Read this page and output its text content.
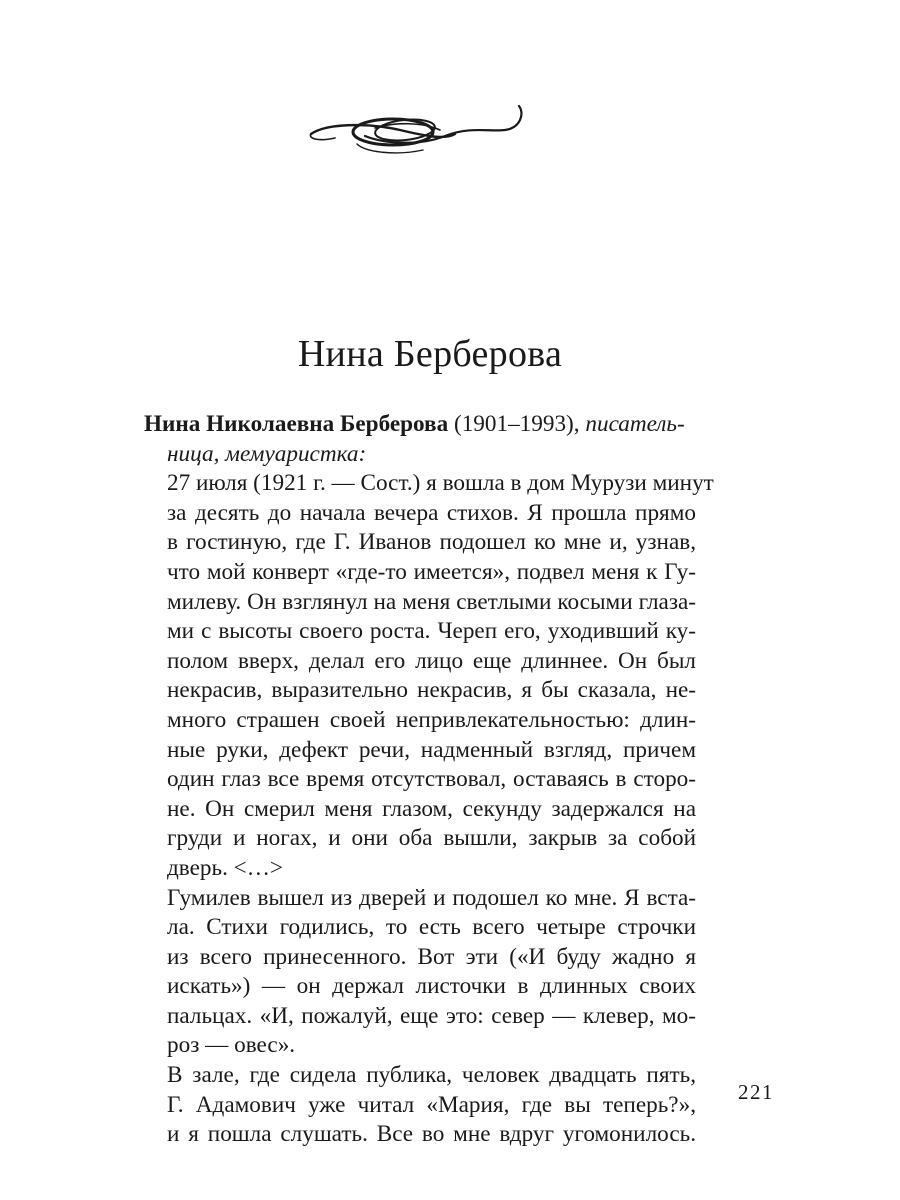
Нина Берберова

Нина Николаевна Берберова (1901–1993), писатель-

ница, мемуаристка:

27 июля (1921 г. — Сост.) я вошла в дом Мурузи минут
за десять до начала вечера стихов. Я прошла прямо
в гостиную, где Г. Иванов подошел ко мне и, узнав,
что мой конверт «где-то имеется», подвел меня к Гу-
милеву. Он взглянул на меня светлыми косыми глаза-
ми с высоты своего роста. Череп его, уходивший ку-
полом вверх, делал его лицо еще длиннее. Он был
некрасив, выразительно некрасив, я бы сказала, не-
много страшен своей непривлекательностью: длин-
ные руки, дефект речи, надменный взгляд, причем
один глаз все время отсутствовал, оставаясь в сторо-
не. Он смерил меня глазом, секунду задержался на
груди и ногах, и они оба вышли, закрыв за собой
дверь. <…>

Гумилев вышел из дверей и подошел ко мне. Я вста-
ла. Стихи годились, то есть всего четыре строчки
из всего принесенного. Вот эти («И буду жадно я
искать») — он держал листочки в длинных своих
пальцах. «И, пожалуй, еще это: север — клевер, мо-
роз — овес».

В зале, где сидела публика, человек двадцать пять,
Г. Адамович уже читал «Мария, где вы теперь?»,
и я пошла слушать. Все во мне вдруг угомонилось.

221
